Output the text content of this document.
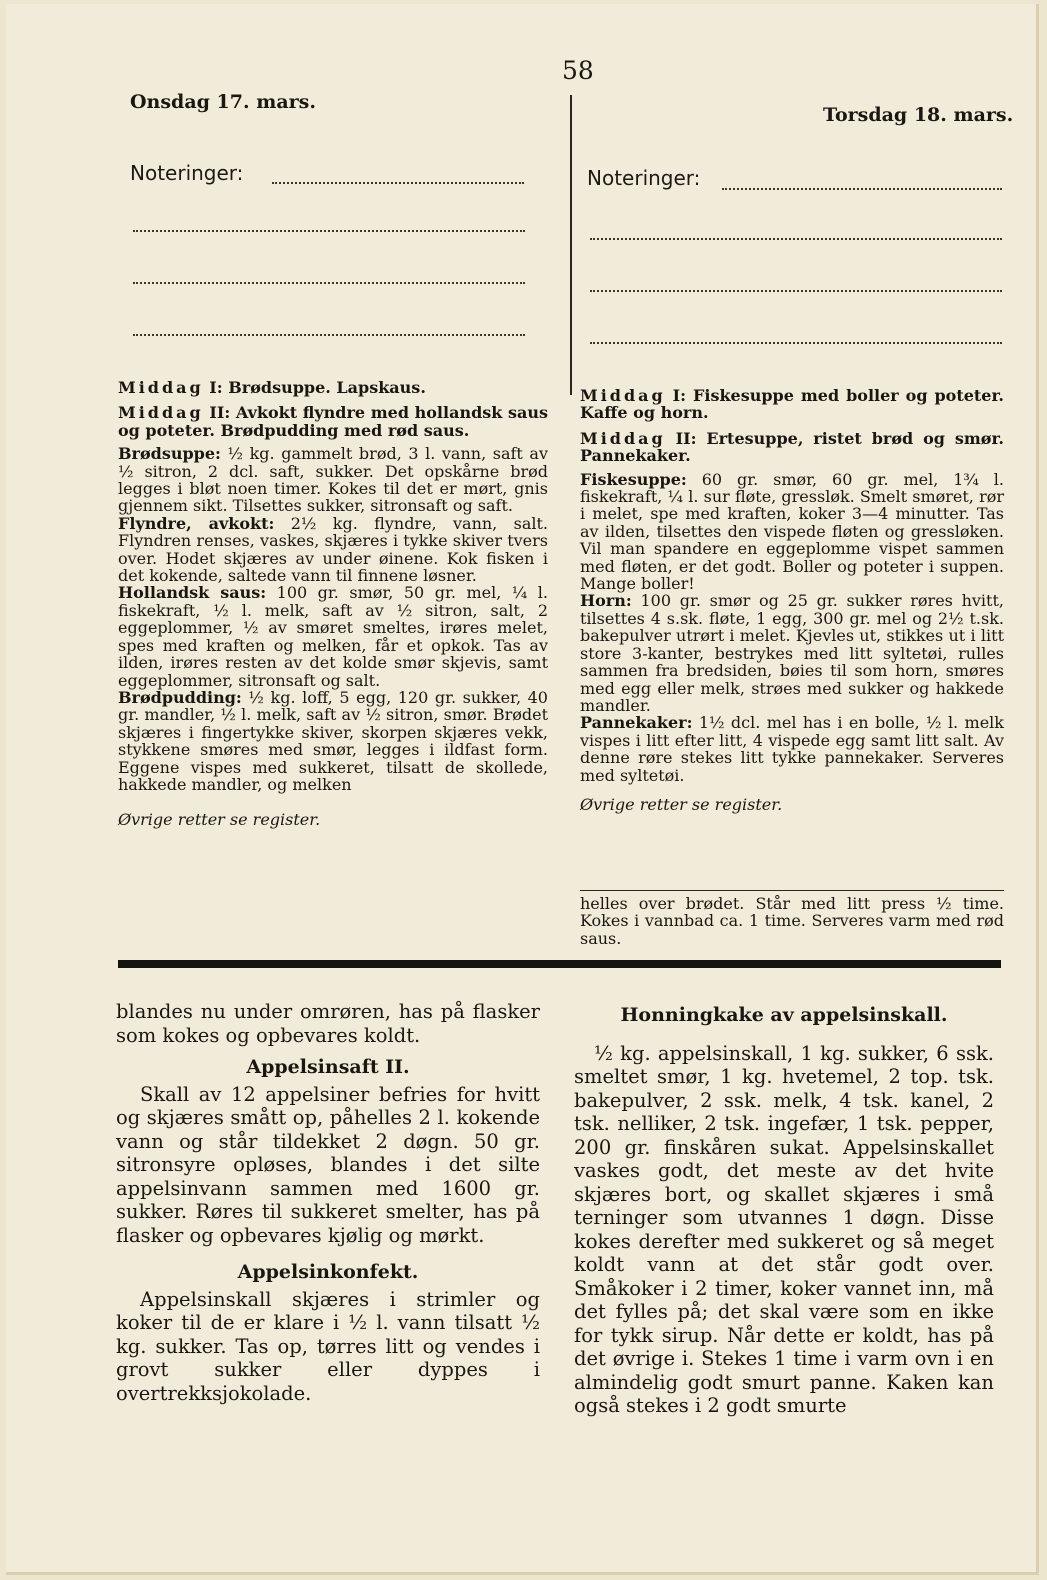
58
Onsdag 17. mars.
Torsdag 18. mars.
Noteringer:	Noteringer:

Middag I: Brødsuppe. Lapskaus.

Middag II: Avkokt flyndre med hollandsk saus og poteter. Brødpudding med rød saus.

Brødsuppe: ½ kg. gammelt brød, 3 l. vann, saft av ½ sitron, 2 dcl. saft, sukker. Det opskårne brød legges i bløt noen timer. Kokes til det er mørt, gnis gjennem sikt. Tilsettes sukker, sitronsaft og saft.

Flyndre, avkokt: 2½ kg. flyndre, vann, salt. Flyndren renses, vaskes, skjæres i tykke skiver tvers over. Hodet skjæres av under øinene. Kok fisken i det kokende, saltede vann til finnene løsner.

Hollandsk saus: 100 gr. smør, 50 gr. mel, ¼ l. fiskekraft, ½ l. melk, saft av ½ sitron, salt, 2 eggeplommer, ½ av smøret smeltes, irøres melet, spes med kraften og melken, får et opkok. Tas av ilden, irøres resten av det kolde smør skjevis, samt eggeplommer, sitronsaft og salt.

Brødpudding: ½ kg. loff, 5 egg, 120 gr. sukker, 40 gr. mandler, ½ l. melk, saft av ½ sitron, smør. Brødet skjæres i fingertykke skiver, skorpen skjæres vekk, stykkene smøres med smør, legges i ildfast form. Eggene vispes med sukkeret, tilsatt de skollede, hakkede mandler, og melken

Øvrige retter se register.

Middag I: Fiskesuppe med boller og poteter. Kaffe og horn.

Middag II: Ertesuppe, ristet brød og smør. Pannekaker.

Fiskesuppe: 60 gr. smør, 60 gr. mel, 1¾ l. fiskekraft, ¼ l. sur fløte, gressløk. Smelt smøret, rør i melet, spe med kraften, koker 3—4 minutter. Tas av ilden, tilsettes den vispede fløten og gressløken. Vil man spandere en eggeplomme vispet sammen med fløten, er det godt. Boller og poteter i suppen. Mange boller!

Horn: 100 gr. smør og 25 gr. sukker røres hvitt, tilsettes 4 s.sk. fløte, 1 egg, 300 gr. mel og 2½ t.sk. bakepulver utrørt i melet. Kjevles ut, stikkes ut i litt store 3-kanter, bestrykes med litt syltetøi, rulles sammen fra bredsiden, bøies til som horn, smøres med egg eller melk, strøes med sukker og hakkede mandler.

Pannekaker: 1½ dcl. mel has i en bolle, ½ l. melk vispes i litt efter litt, 4 vispede egg samt litt salt. Av denne røre stekes litt tykke pannekaker. Serveres med syltetøi.

Øvrige retter se register.

helles over brødet. Står med litt press ½ time. Kokes i vannbad ca. 1 time. Serveres varm med rød saus.

blandes nu under omrøren, has på flasker som kokes og opbevares koldt.

Appelsinsaft II.

Skall av 12 appelsiner befries for hvitt og skjæres smått op, påhelles 2 l. kokende vann og står tildekket 2 døgn. 50 gr. sitronsyre opløses, blandes i det silte appelsinvann sammen med 1600 gr. sukker. Røres til sukkeret smelter, has på flasker og opbevares kjølig og mørkt.

Appelsinkonfekt.

Appelsinskall skjæres i strimler og koker til de er klare i ½ l. vann tilsatt ½ kg. sukker. Tas op, tørres litt og vendes i grovt sukker eller dyppes i overtrekksjokolade.

Honningkake av appelsinskall.

½ kg. appelsinskall, 1 kg. sukker, 6 ssk. smeltet smør, 1 kg. hvetemel, 2 top. tsk. bakepulver, 2 ssk. melk, 4 tsk. kanel, 2 tsk. nelliker, 2 tsk. ingefær, 1 tsk. pepper, 200 gr. finskåren sukat. Appelsinskallet vaskes godt, det meste av det hvite skjæres bort, og skallet skjæres i små terninger som utvannes 1 døgn. Disse kokes derefter med sukkeret og så meget koldt vann at det står godt over. Småkoker i 2 timer, koker vannet inn, må det fylles på; det skal være som en ikke for tykk sirup. Når dette er koldt, has på det øvrige i. Stekes 1 time i varm ovn i en almindelig godt smurt panne. Kaken kan også stekes i 2 godt smurte
